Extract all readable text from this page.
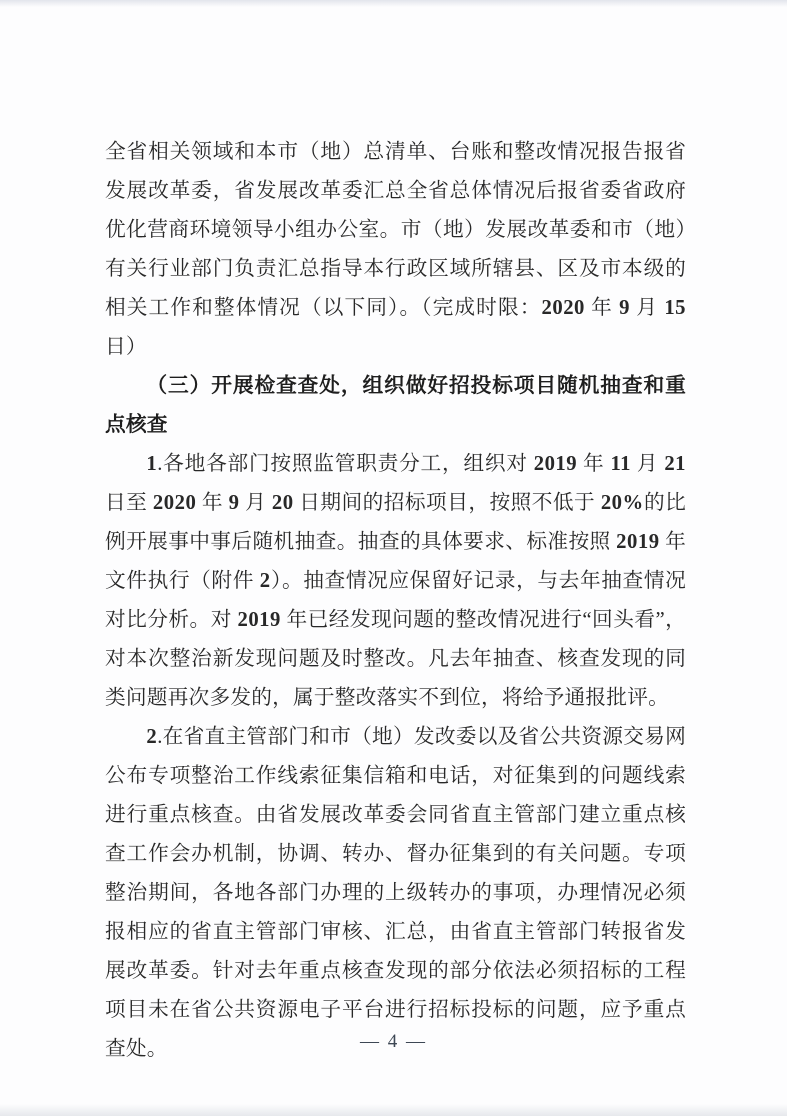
全省相关领域和本市（地）总清单、台账和整改情况报告报省发展改革委，省发展改革委汇总全省总体情况后报省委省政府优化营商环境领导小组办公室。市（地）发展改革委和市（地）有关行业部门负责汇总指导本行政区域所辖县、区及市本级的相关工作和整体情况（以下同）。（完成时限：2020 年 9 月 15 日）

（三）开展检查查处，组织做好招投标项目随机抽查和重点核查

1.各地各部门按照监管职责分工，组织对 2019 年 11 月 21 日至 2020 年 9 月 20 日期间的招标项目，按照不低于 20%的比例开展事中事后随机抽查。抽查的具体要求、标准按照 2019 年文件执行（附件 2）。抽查情况应保留好记录，与去年抽查情况对比分析。对 2019 年已经发现问题的整改情况进行“回头看”，对本次整治新发现问题及时整改。凡去年抽查、核查发现的同类问题再次多发的，属于整改落实不到位，将给予通报批评。

2.在省直主管部门和市（地）发改委以及省公共资源交易网公布专项整治工作线索征集信箱和电话，对征集到的问题线索进行重点核查。由省发展改革委会同省直主管部门建立重点核查工作会办机制，协调、转办、督办征集到的有关问题。专项整治期间，各地各部门办理的上级转办的事项，办理情况必须报相应的省直主管部门审核、汇总，由省直主管部门转报省发展改革委。针对去年重点核查发现的部分依法必须招标的工程项目未在省公共资源电子平台进行招标投标的问题，应予重点查处。	— 4 —
